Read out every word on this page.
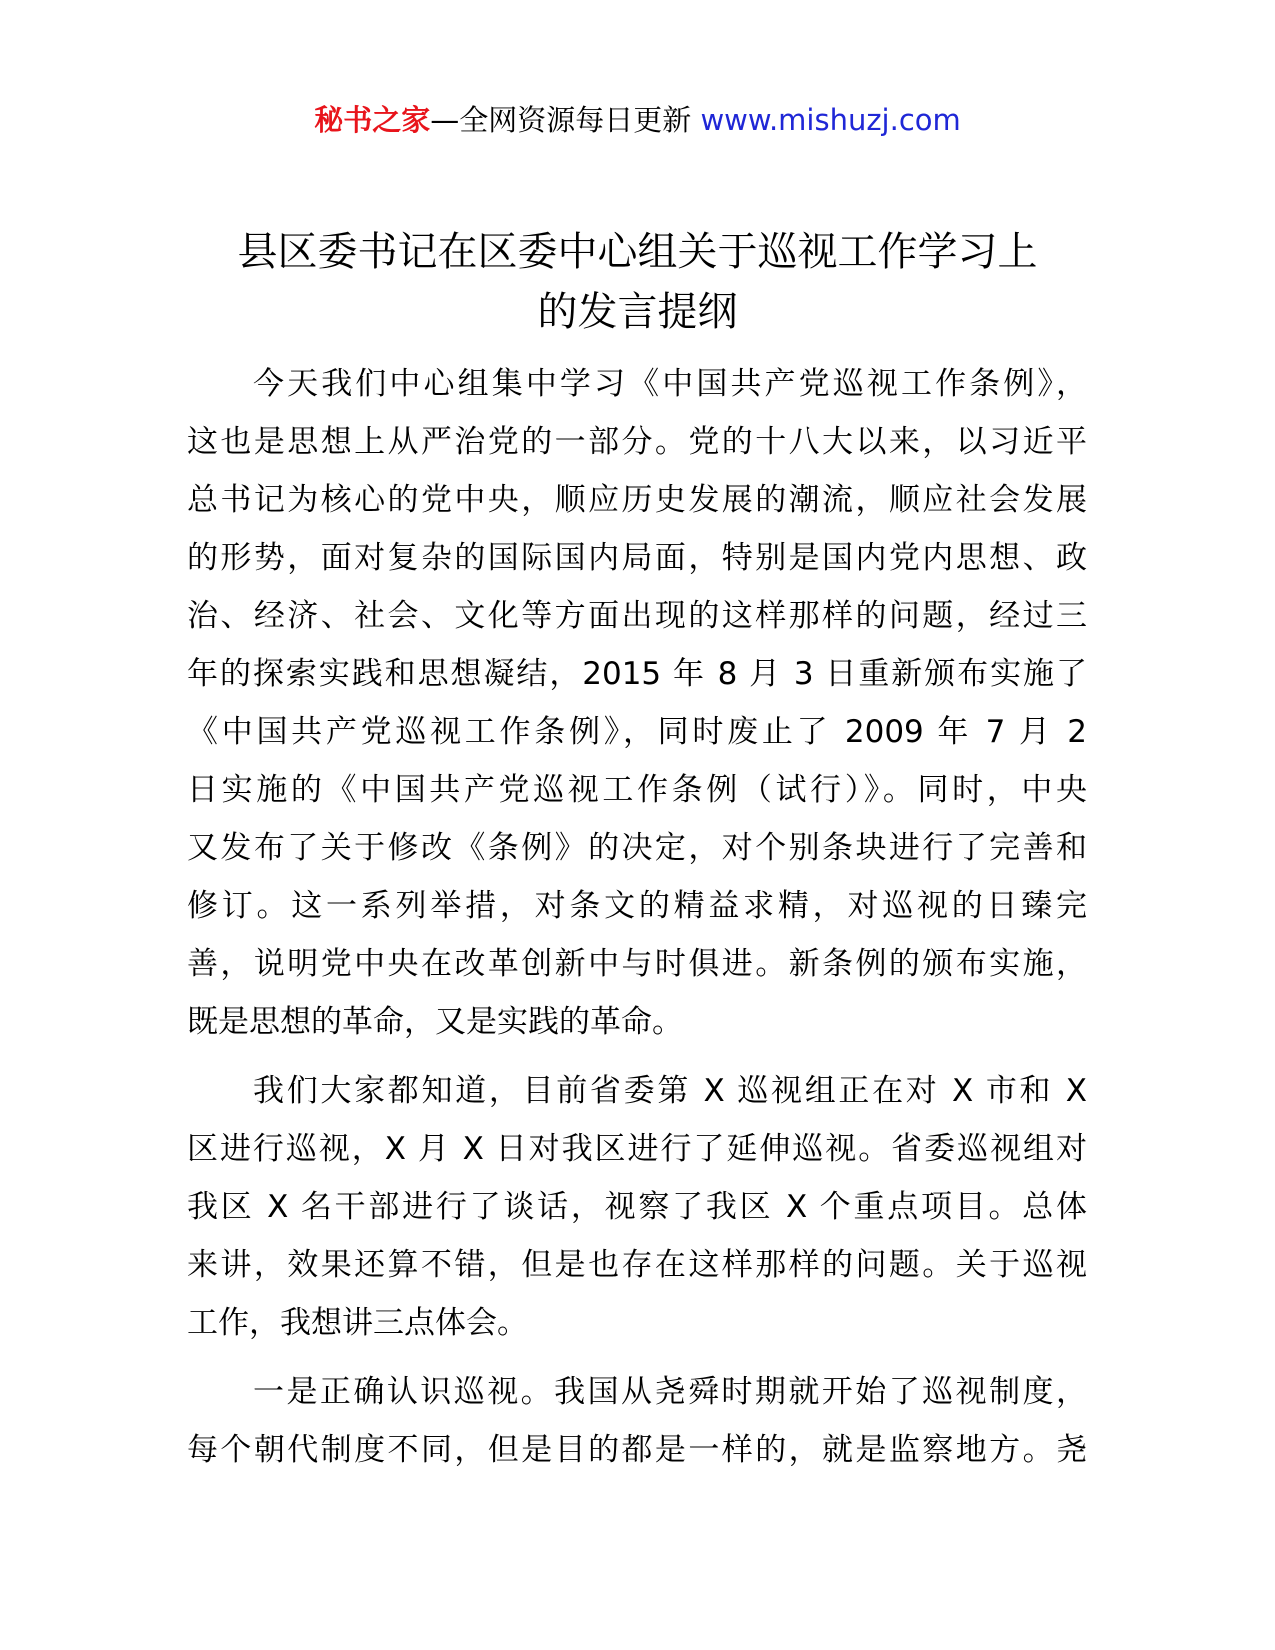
秘书之家—全网资源每日更新 www.mishuzj.com
县区委书记在区委中心组关于巡视工作学习上
的发言提纲
今天我们中心组集中学习《中国共产党巡视工作条例》，
这也是思想上从严治党的一部分。党的十八大以来，以习近平
总书记为核心的党中央，顺应历史发展的潮流，顺应社会发展
的形势，面对复杂的国际国内局面，特别是国内党内思想、政
治、经济、社会、文化等方面出现的这样那样的问题，经过三
年的探索实践和思想凝结，2015 年 8 月 3 日重新颁布实施了
《中国共产党巡视工作条例》，同时废止了 2009 年 7 月 2
日实施的《中国共产党巡视工作条例（试行）》。同时，中央
又发布了关于修改《条例》的决定，对个别条块进行了完善和
修订。这一系列举措，对条文的精益求精，对巡视的日臻完
善，说明党中央在改革创新中与时俱进。新条例的颁布实施，
既是思想的革命，又是实践的革命。
我们大家都知道，目前省委第 X 巡视组正在对 X 市和 X
区进行巡视，X 月 X 日对我区进行了延伸巡视。省委巡视组对
我区 X 名干部进行了谈话，视察了我区 X 个重点项目。总体
来讲，效果还算不错，但是也存在这样那样的问题。关于巡视
工作，我想讲三点体会。
一是正确认识巡视。我国从尧舜时期就开始了巡视制度，
每个朝代制度不同，但是目的都是一样的，就是监察地方。尧
